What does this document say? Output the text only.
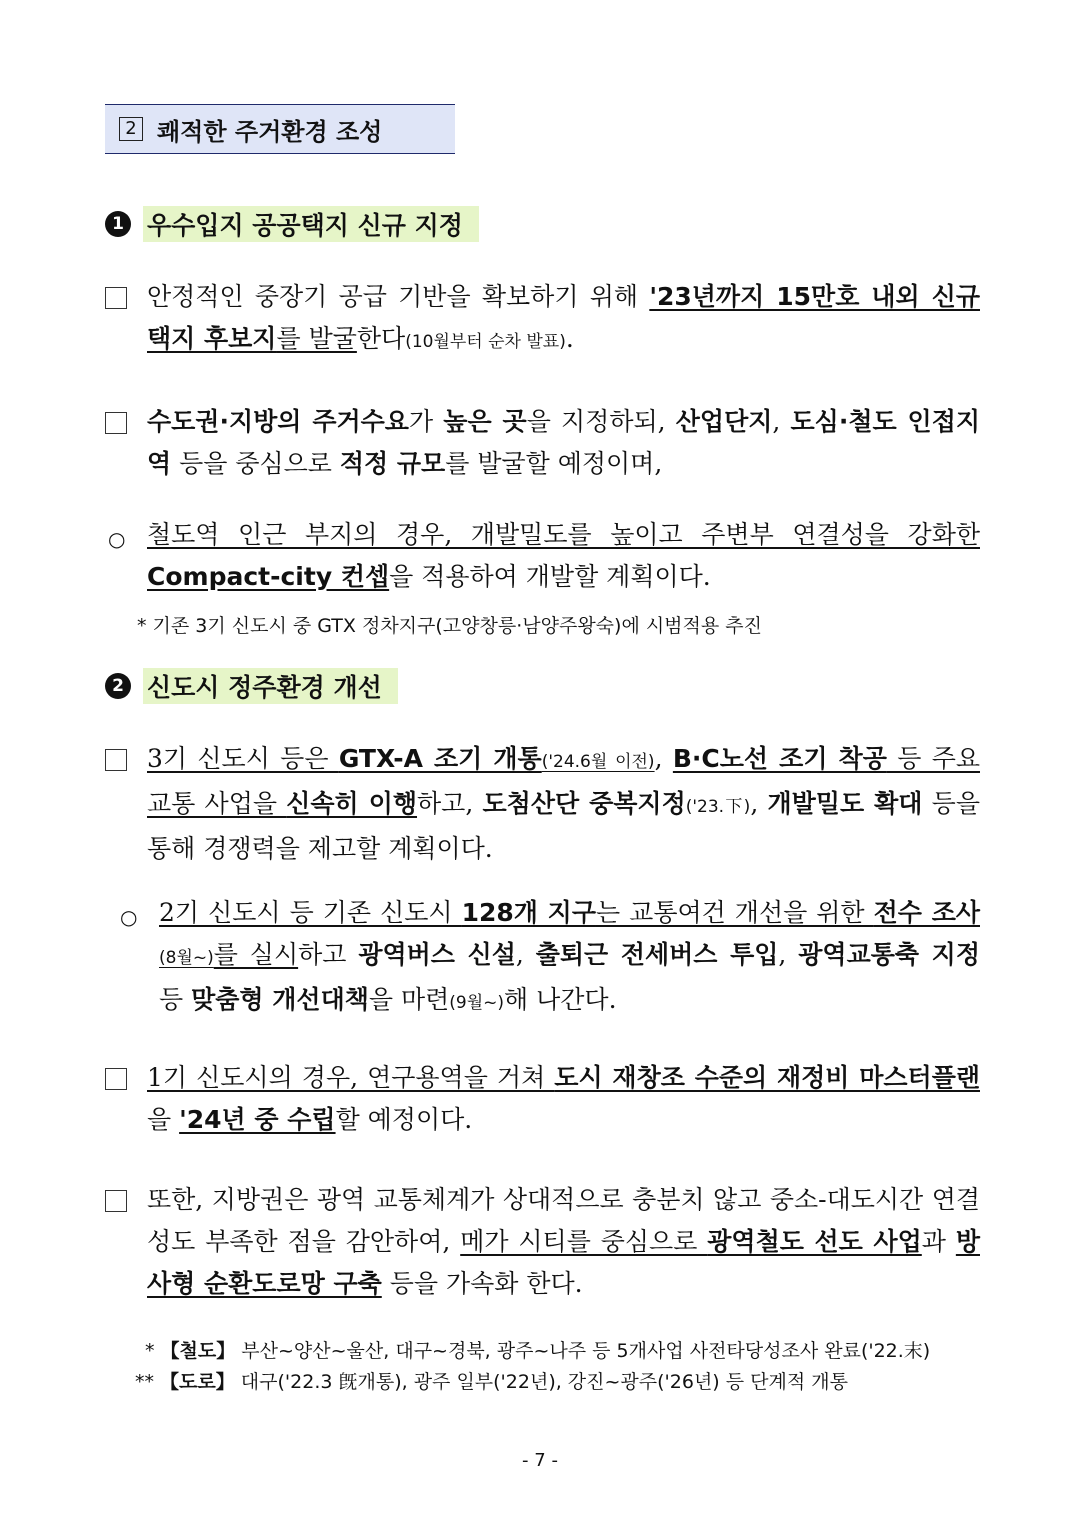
2 쾌적한 주거환경 조성
1 우수입지 공공택지 신규 지정
안정적인 중장기 공급 기반을 확보하기 위해 '23년까지 15만호 내외 신규 택지 후보지를 발굴한다(10월부터 순차 발표).
수도권·지방의 주거수요가 높은 곳을 지정하되, 산업단지, 도심·철도 인접지역 등을 중심으로 적정 규모를 발굴할 예정이며,
○ 철도역 인근 부지의 경우, 개발밀도를 높이고 주변부 연결성을 강화한 Compact-city 컨셉을 적용하여 개발할 계획이다.
* 기존 3기 신도시 중 GTX 정차지구(고양창릉·남양주왕숙)에 시범적용 추진
2 신도시 정주환경 개선
3기 신도시 등은 GTX-A 조기 개통('24.6월 이전), B·C노선 조기 착공 등 주요 교통 사업을 신속히 이행하고, 도첨산단 중복지정('23.下), 개발밀도 확대 등을 통해 경쟁력을 제고할 계획이다.
○ 2기 신도시 등 기존 신도시 128개 지구는 교통여건 개선을 위한 전수 조사(8월~)를 실시하고 광역버스 신설, 출퇴근 전세버스 투입, 광역교통축 지정 등 맞춤형 개선대책을 마련(9월~)해 나간다.
1기 신도시의 경우, 연구용역을 거쳐 도시 재창조 수준의 재정비 마스터플랜을 '24년 중 수립할 예정이다.
또한, 지방권은 광역 교통체계가 상대적으로 충분치 않고 중소-대도시간 연결성도 부족한 점을 감안하여, 메가 시티를 중심으로 광역철도 선도 사업과 방사형 순환도로망 구축 등을 가속화 한다.
* 【철도】 부산~양산~울산, 대구~경북, 광주~나주 등 5개사업 사전타당성조사 완료('22.末)
** 【도로】 대구('22.3 旣개통), 광주 일부('22년), 강진~광주('26년) 등 단계적 개통
- 7 -
